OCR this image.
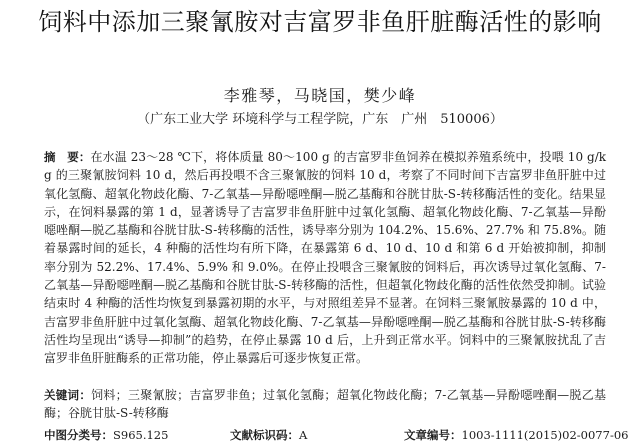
饲料中添加三聚氰胺对吉富罗非鱼肝脏酶活性的影响
李雅琴，马晓国，樊少峰
（广东工业大学 环境科学与工程学院，广东　广州　510006）
摘　要：在水温 23～28 ℃下，将体质量 80～100 g 的吉富罗非鱼饲养在模拟养殖系统中，投喂 10 g/kg 的三聚氰胺饲料 10 d，然后再投喂不含三聚氰胺的饲料 10 d，考察了不同时间下吉富罗非鱼肝脏中过氧化氢酶、超氧化物歧化酶、7-乙氧基—异酚噁唑酮—脱乙基酶和谷胱甘肽-S-转移酶活性的变化。结果显示，在饲料暴露的第 1 d，显著诱导了吉富罗非鱼肝脏中过氧化氢酶、超氧化物歧化酶、7-乙氧基—异酚噁唑酮—脱乙基酶和谷胱甘肽-S-转移酶的活性，诱导率分别为 104.2%、15.6%、27.7% 和 75.8%。随着暴露时间的延长，4 种酶的活性均有所下降，在暴露第 6 d、10 d、10 d 和第 6 d 开始被抑制，抑制率分别为 52.2%、17.4%、5.9% 和 9.0%。在停止投喂含三聚氰胺的饲料后，再次诱导过氧化氢酶、7-乙氧基—异酚噁唑酮—脱乙基酶和谷胱甘肽-S-转移酶的活性，但超氧化物歧化酶的活性依然受抑制。试验结束时 4 种酶的活性均恢复到暴露初期的水平，与对照组差异不显著。在饲料三聚氰胺暴露的 10 d 中，吉富罗非鱼肝脏中过氧化氢酶、超氧化物歧化酶、7-乙氧基—异酚噁唑酮—脱乙基酶和谷胱甘肽-S-转移酶活性均呈现出“诱导—抑制”的趋势，在停止暴露 10 d 后，上升到正常水平。饲料中的三聚氰胺扰乱了吉富罗非鱼肝脏酶系的正常功能，停止暴露后可逐步恢复正常。
关键词：饲料；三聚氰胺；吉富罗非鱼；过氧化氢酶；超氧化物歧化酶；7-乙氧基—异酚噁唑酮—脱乙基酶；谷胱甘肽-S-转移酶
中图分类号：S965.125	文献标识码：A	文章编号：1003-1111(2015)02-0077-06
